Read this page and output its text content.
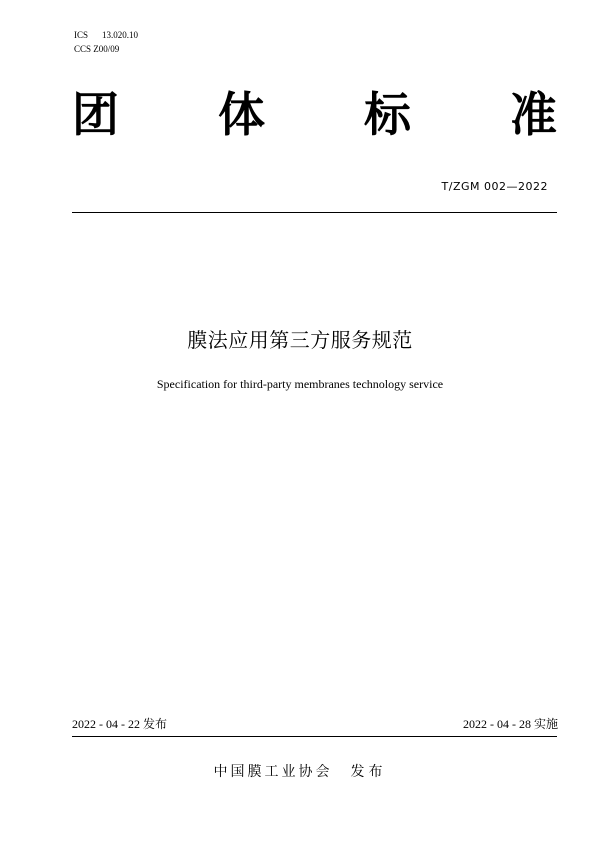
ICS 13.020.10
CCS Z00/09
团 体 标 准
T/ZGM 002—2022
膜法应用第三方服务规范
Specification for third-party membranes technology service
2022 - 04 - 22 发布	2022 - 04 - 28 实施
中国膜工业协会 发布
